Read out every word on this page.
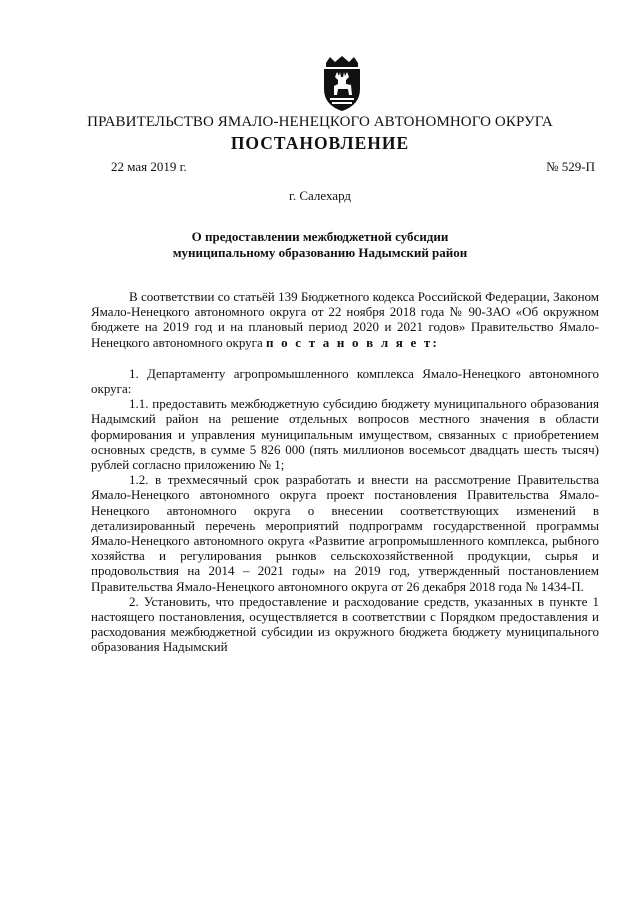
ПРАВИТЕЛЬСТВО ЯМАЛО-НЕНЕЦКОГО АВТОНОМНОГО ОКРУГА
ПОСТАНОВЛЕНИЕ
22 мая 2019 г.	№ 529-П
г. Салехард
О предоставлении межбюджетной субсидии
муниципальному образованию Надымский район

В соответствии со статьёй 139 Бюджетного кодекса Российской Федерации, Законом Ямало-Ненецкого автономного округа от 22 ноября 2018 года № 90-ЗАО «Об окружном бюджете на 2019 год и на плановый период 2020 и 2021 годов» Правительство Ямало-Ненецкого автономного округа п о с т а н о в л я е т:

1. Департаменту агропромышленного комплекса Ямало-Ненецкого автономного округа:

1.1. предоставить межбюджетную субсидию бюджету муниципального образования Надымский район на решение отдельных вопросов местного значения в области формирования и управления муниципальным имуществом, связанных с приобретением основных средств, в сумме 5 826 000 (пять миллионов восемьсот двадцать шесть тысяч) рублей согласно приложению № 1;

1.2. в трехмесячный срок разработать и внести на рассмотрение Правительства Ямало-Ненецкого автономного округа проект постановления Правительства Ямало-Ненецкого автономного округа о внесении соответствующих изменений в детализированный перечень мероприятий подпрограмм государственной программы Ямало-Ненецкого автономного округа «Развитие агропромышленного комплекса, рыбного хозяйства и регулирования рынков сельскохозяйственной продукции, сырья и продовольствия на 2014 – 2021 годы» на 2019 год, утвержденный постановлением Правительства Ямало-Ненецкого автономного округа от 26 декабря 2018 года № 1434-П.

2. Установить, что предоставление и расходование средств, указанных в пункте 1 настоящего постановления, осуществляется в соответствии с Порядком предоставления и расходования межбюджетной субсидии из окружного бюджета бюджету муниципального образования Надымский
